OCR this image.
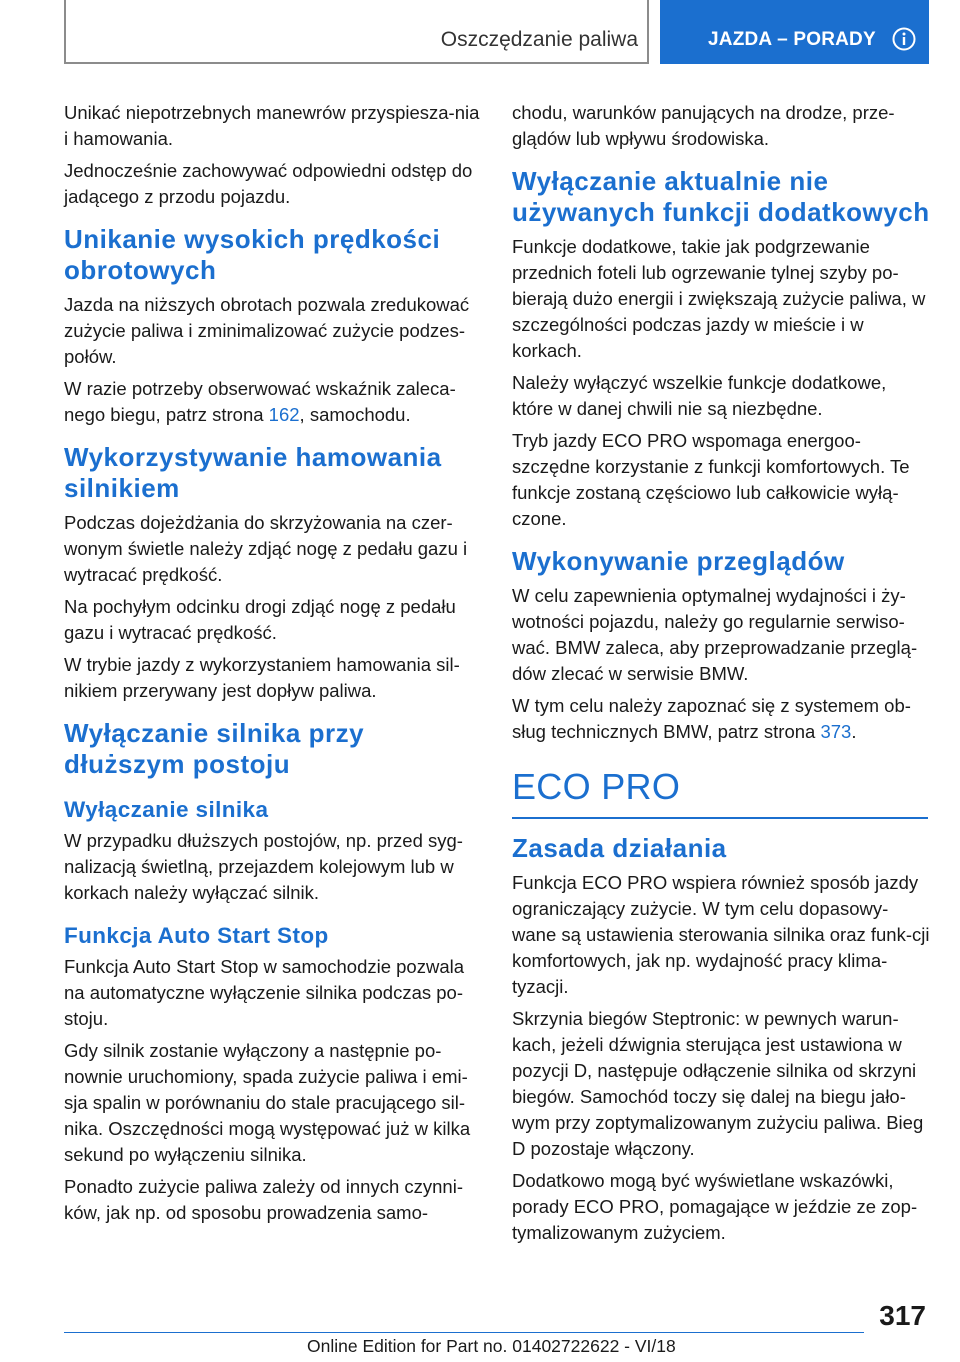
Oszczędzanie paliwa	JAZDA – PORADY

Unikać niepotrzebnych manewrów przyspiesza-nia i hamowania.

Jednocześnie zachowywać odpowiedni odstęp do jadącego z przodu pojazdu.

Unikanie wysokich prędkości obrotowych

Jazda na niższych obrotach pozwala zredukować zużycie paliwa i zminimalizować zużycie podzes-połów.

W razie potrzeby obserwować wskaźnik zaleca-nego biegu, patrz strona 162, samochodu.

Wykorzystywanie hamowania silnikiem

Podczas dojeżdżania do skrzyżowania na czer-wonym świetle należy zdjąć nogę z pedału gazu i wytracać prędkość.

Na pochyłym odcinku drogi zdjąć nogę z pedału gazu i wytracać prędkość.

W trybie jazdy z wykorzystaniem hamowania sil-nikiem przerywany jest dopływ paliwa.

Wyłączanie silnika przy dłuższym postoju
Wyłączanie silnika

W przypadku dłuższych postojów, np. przed syg-nalizacją świetlną, przejazdem kolejowym lub w korkach należy wyłączać silnik.

Funkcja Auto Start Stop

Funkcja Auto Start Stop w samochodzie pozwala na automatyczne wyłączenie silnika podczas po-stoju.

Gdy silnik zostanie wyłączony a następnie po-nownie uruchomiony, spada zużycie paliwa i emi-sja spalin w porównaniu do stale pracującego sil-nika. Oszczędności mogą występować już w kilka sekund po wyłączeniu silnika.

Ponadto zużycie paliwa zależy od innych czynni-ków, jak np. od sposobu prowadzenia samo-

chodu, warunków panujących na drodze, prze-glądów lub wpływu środowiska.

Wyłączanie aktualnie nie używanych funkcji dodatkowych

Funkcje dodatkowe, takie jak podgrzewanie przednich foteli lub ogrzewanie tylnej szyby po-bierają dużo energii i zwiększają zużycie paliwa, w szczególności podczas jazdy w mieście i w korkach.

Należy wyłączyć wszelkie funkcje dodatkowe, które w danej chwili nie są niezbędne.

Tryb jazdy ECO PRO wspomaga energoo-szczędne korzystanie z funkcji komfortowych. Te funkcje zostaną częściowo lub całkowicie wyłą-czone.

Wykonywanie przeglądów

W celu zapewnienia optymalnej wydajności i ży-wotności pojazdu, należy go regularnie serwiso-wać. BMW zaleca, aby przeprowadzanie przeglą-dów zlecać w serwisie BMW.

W tym celu należy zapoznać się z systemem ob-sług technicznych BMW, patrz strona 373.

ECO PRO
Zasada działania

Funkcja ECO PRO wspiera również sposób jazdy ograniczający zużycie. W tym celu dopasowy-wane są ustawienia sterowania silnika oraz funk-cji komfortowych, jak np. wydajność pracy klima-tyzacji.

Skrzynia biegów Steptronic: w pewnych warun-kach, jeżeli dźwignia sterująca jest ustawiona w pozycji D, następuje odłączenie silnika od skrzyni biegów. Samochód toczy się dalej na biegu jało-wym przy zoptymalizowanym zużyciu paliwa. Bieg D pozostaje włączony.

Dodatkowo mogą być wyświetlane wskazówki, porady ECO PRO, pomagające w jeździe ze zop-tymalizowanym zużyciem.

317
Online Edition for Part no. 01402722622 - VI/18
